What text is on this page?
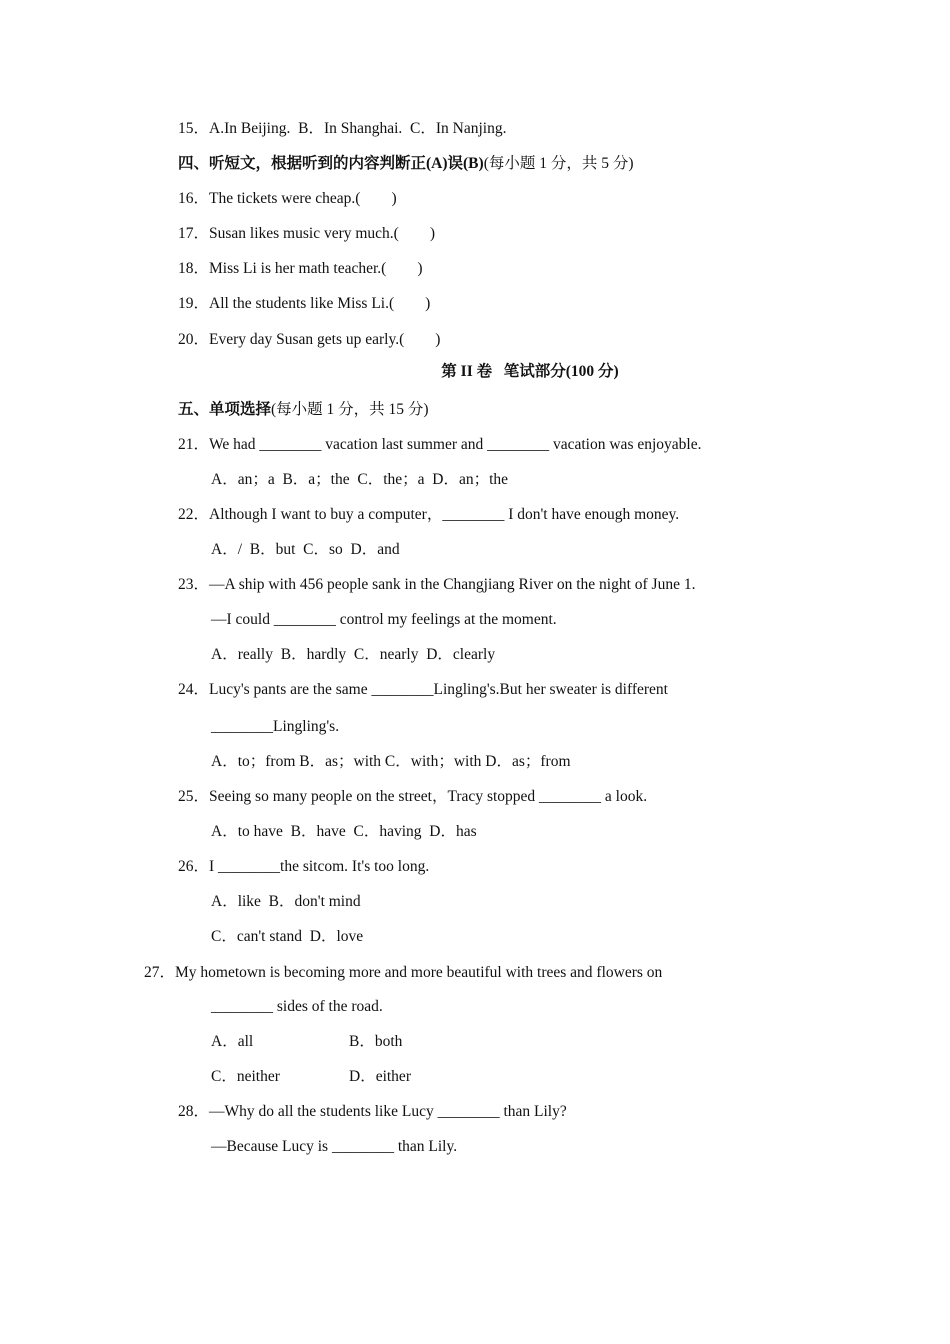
15．A.In Beijing.  B．In Shanghai.  C．In Nanjing.
四、听短文，根据听到的内容判断正(A)误(B)(每小题 1 分，共 5 分)
16．The tickets were cheap.(        )
17．Susan likes music very much.(        )
18．Miss Li is her math teacher.(        )
19．All the students like Miss Li.(        )
20．Every day Susan gets up early.(        )
第 II 卷   笔试部分(100 分)
五、单项选择(每小题 1 分，共 15 分)
21．We had ________ vacation last summer and ________ vacation was enjoyable.
A．an；a  B．a；the  C．the；a  D．an；the
22．Although I want to buy a computer，________ I don't have enough money.
A．/  B．but  C．so  D．and
23．—A ship with 456 people sank in the Changjiang River on the night of June 1.
—I could ________ control my feelings at the moment.
A．really  B．hardly  C．nearly  D．clearly
24．Lucy's pants are the same ________Lingling's.But her sweater is different
________Lingling's.
A．to；from B．as；with C．with；with D．as；from
25．Seeing so many people on the street，Tracy stopped ________ a look.
A．to have  B．have  C．having  D．has
26．I ________the sitcom. It's too long.
A．like  B．don't mind
C．can't stand  D．love
27．My hometown is becoming more and more beautiful with trees and flowers on
________ sides of the road.
A．all	B．both
C．neither	D．either
28．—Why do all the students like Lucy ________ than Lily?
—Because Lucy is ________ than Lily.
